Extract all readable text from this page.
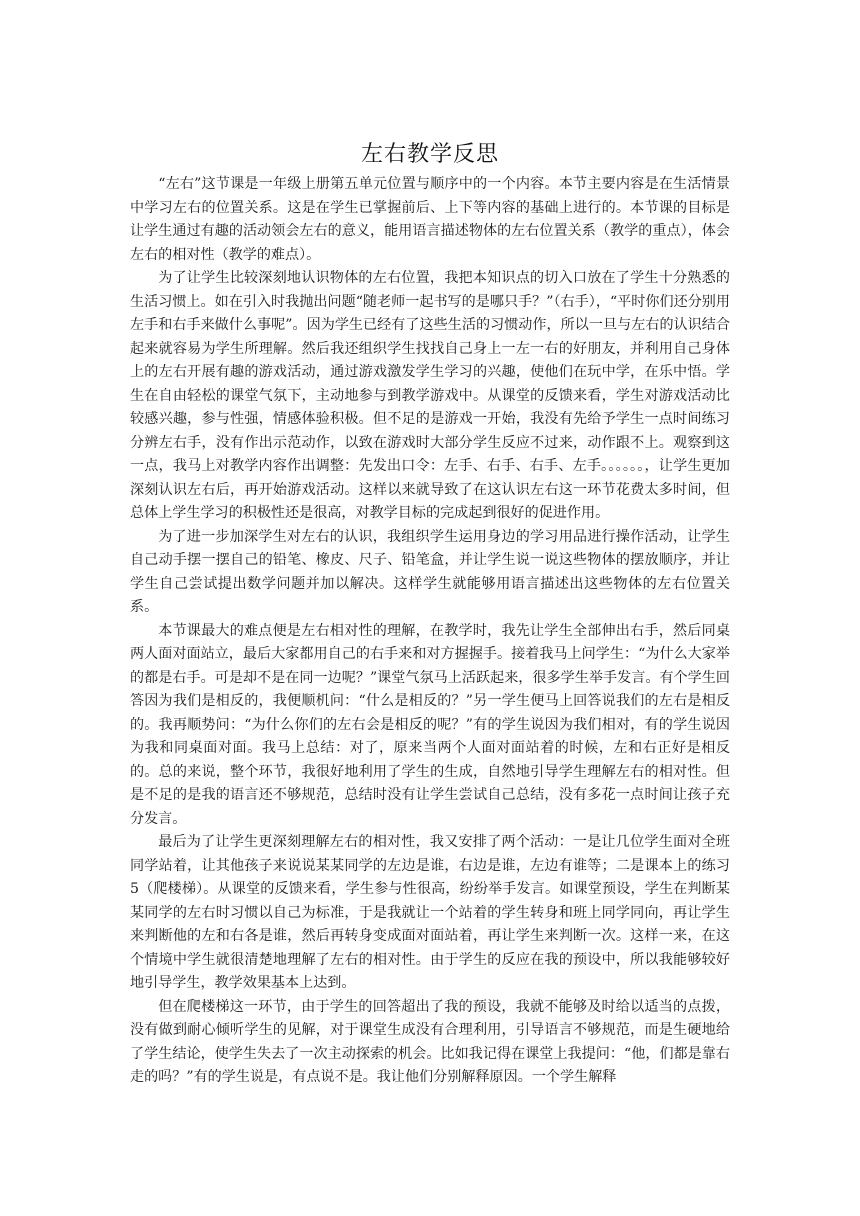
左右教学反思

“左右”这节课是一年级上册第五单元位置与顺序中的一个内容。本节主要内容是在生活情景中学习左右的位置关系。这是在学生已掌握前后、上下等内容的基础上进行的。本节课的目标是让学生通过有趣的活动领会左右的意义，能用语言描述物体的左右位置关系（教学的重点），体会左右的相对性（教学的难点）。

为了让学生比较深刻地认识物体的左右位置，我把本知识点的切入口放在了学生十分熟悉的生活习惯上。如在引入时我抛出问题“随老师一起书写的是哪只手？”（右手），“平时你们还分别用左手和右手来做什么事呢”。因为学生已经有了这些生活的习惯动作，所以一旦与左右的认识结合起来就容易为学生所理解。然后我还组织学生找找自己身上一左一右的好朋友，并利用自己身体上的左右开展有趣的游戏活动，通过游戏激发学生学习的兴趣，使他们在玩中学，在乐中悟。学生在自由轻松的课堂气氛下，主动地参与到教学游戏中。从课堂的反馈来看，学生对游戏活动比较感兴趣，参与性强，情感体验积极。但不足的是游戏一开始，我没有先给予学生一点时间练习分辨左右手，没有作出示范动作，以致在游戏时大部分学生反应不过来，动作跟不上。观察到这一点，我马上对教学内容作出调整：先发出口令：左手、右手、右手、左手。。。。。。，让学生更加深刻认识左右后，再开始游戏活动。这样以来就导致了在这认识左右这一环节花费太多时间，但总体上学生学习的积极性还是很高，对教学目标的完成起到很好的促进作用。

为了进一步加深学生对左右的认识，我组织学生运用身边的学习用品进行操作活动，让学生自己动手摆一摆自己的铅笔、橡皮、尺子、铅笔盒，并让学生说一说这些物体的摆放顺序，并让学生自己尝试提出数学问题并加以解决。这样学生就能够用语言描述出这些物体的左右位置关系。

本节课最大的难点便是左右相对性的理解，在教学时，我先让学生全部伸出右手，然后同桌两人面对面站立，最后大家都用自己的右手来和对方握握手。接着我马上问学生：“为什么大家举的都是右手。可是却不是在同一边呢？”课堂气氛马上活跃起来，很多学生举手发言。有个学生回答因为我们是相反的，我便顺机问：“什么是相反的？”另一学生便马上回答说我们的左右是相反的。我再顺势问：“为什么你们的左右会是相反的呢？”有的学生说因为我们相对，有的学生说因为我和同桌面对面。我马上总结：对了，原来当两个人面对面站着的时候，左和右正好是相反的。总的来说，整个环节，我很好地利用了学生的生成，自然地引导学生理解左右的相对性。但是不足的是我的语言还不够规范，总结时没有让学生尝试自己总结，没有多花一点时间让孩子充分发言。

最后为了让学生更深刻理解左右的相对性，我又安排了两个活动：一是让几位学生面对全班同学站着，让其他孩子来说说某某同学的左边是谁，右边是谁，左边有谁等；二是课本上的练习 5（爬楼梯）。从课堂的反馈来看，学生参与性很高，纷纷举手发言。如课堂预设，学生在判断某某同学的左右时习惯以自己为标准，于是我就让一个站着的学生转身和班上同学同向，再让学生来判断他的左和右各是谁，然后再转身变成面对面站着，再让学生来判断一次。这样一来，在这个情境中学生就很清楚地理解了左右的相对性。由于学生的反应在我的预设中，所以我能够较好地引导学生，教学效果基本上达到。

但在爬楼梯这一环节，由于学生的回答超出了我的预设，我就不能够及时给以适当的点拨，没有做到耐心倾听学生的见解，对于课堂生成没有合理利用，引导语言不够规范，而是生硬地给了学生结论，使学生失去了一次主动探索的机会。比如我记得在课堂上我提问：“他，们都是靠右走的吗？”有的学生说是，有点说不是。我让他们分别解释原因。一个学生解释
